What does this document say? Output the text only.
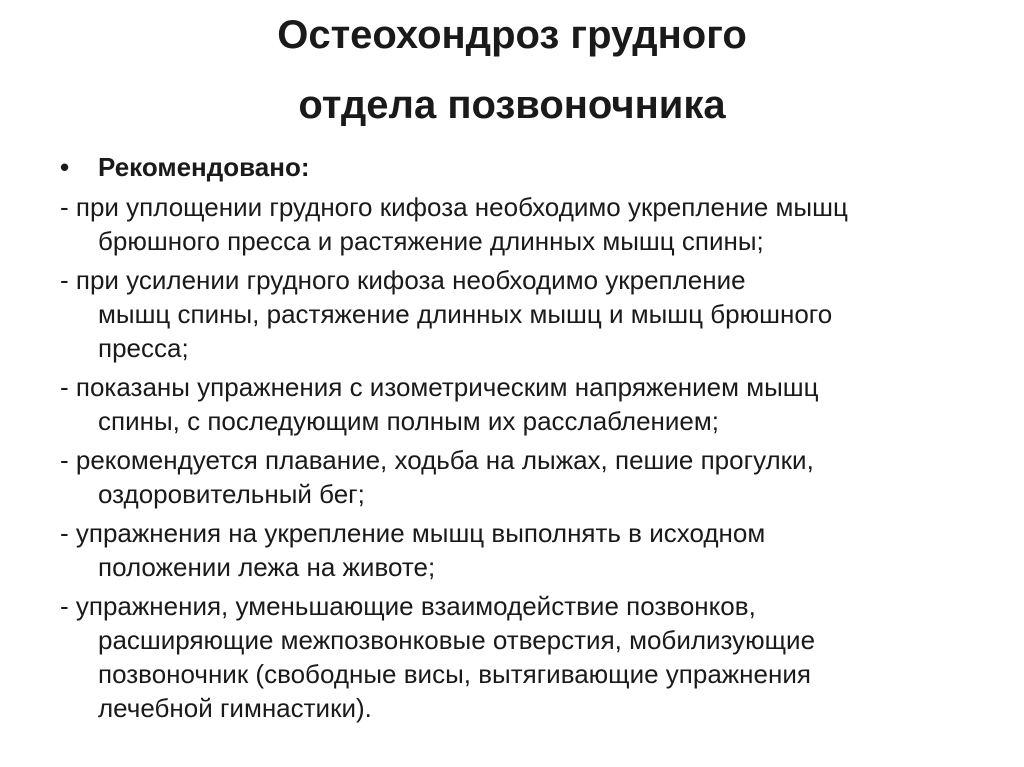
Остеохондроз грудного
отдела позвоночника
• Рекомендовано:
- при уплощении грудного кифоза необходимо укрепление мышц
брюшного пресса и растяжение длинных мышц спины;
- при усилении грудного кифоза необходимо укрепление
мышц спины, растяжение длинных мышц и мышц брюшного
пресса;
- показаны упражнения с изометрическим напряжением мышц
спины, с последующим полным их расслаблением;
- рекомендуется плавание, ходьба на лыжах, пешие прогулки,
оздоровительный бег;
- упражнения на укрепление мышц выполнять в исходном
положении лежа на животе;
- упражнения, уменьшающие взаимодействие позвонков,
расширяющие межпозвонковые отверстия, мобилизующие
позвоночник (свободные висы, вытягивающие упражнения
лечебной гимнастики).
